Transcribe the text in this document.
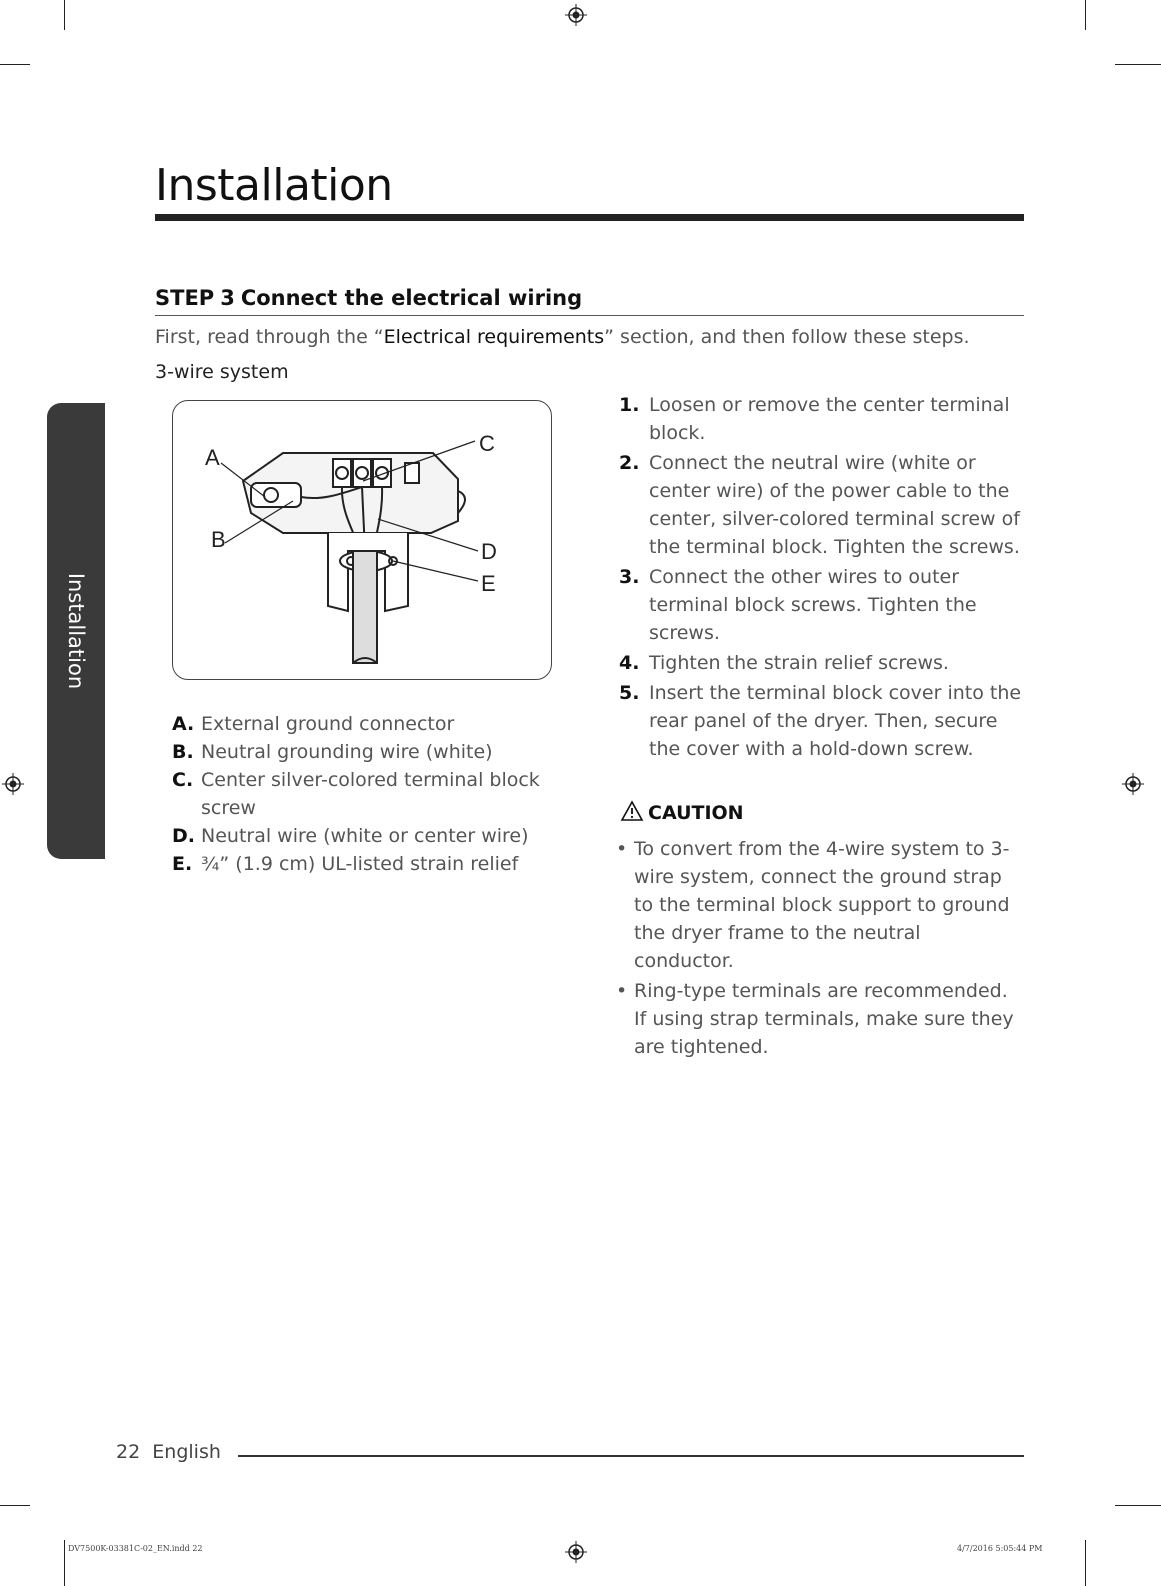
Installation
STEP 3 Connect the electrical wiring
First, read through the “Electrical requirements” section, and then follow these steps.
3-wire system
Installation
A
B
C
D
E
A. External ground connector
B. Neutral grounding wire (white)
C. Center silver-colored terminal block screw
D. Neutral wire (white or center wire)
E. ¾” (1.9 cm) UL-listed strain relief
1. Loosen or remove the center terminal block.
2. Connect the neutral wire (white or center wire) of the power cable to the center, silver-colored terminal screw of the terminal block. Tighten the screws.
3. Connect the other wires to outer terminal block screws. Tighten the screws.
4. Tighten the strain relief screws.
5. Insert the terminal block cover into the rear panel of the dryer. Then, secure the cover with a hold-down screw.
CAUTION
• To convert from the 4-wire system to 3-wire system, connect the ground strap to the terminal block support to ground the dryer frame to the neutral conductor.
• Ring-type terminals are recommended. If using strap terminals, make sure they are tightened.
22 English
DV7500K-03381C-02_EN.indd 22	4/7/2016 5:05:44 PM
